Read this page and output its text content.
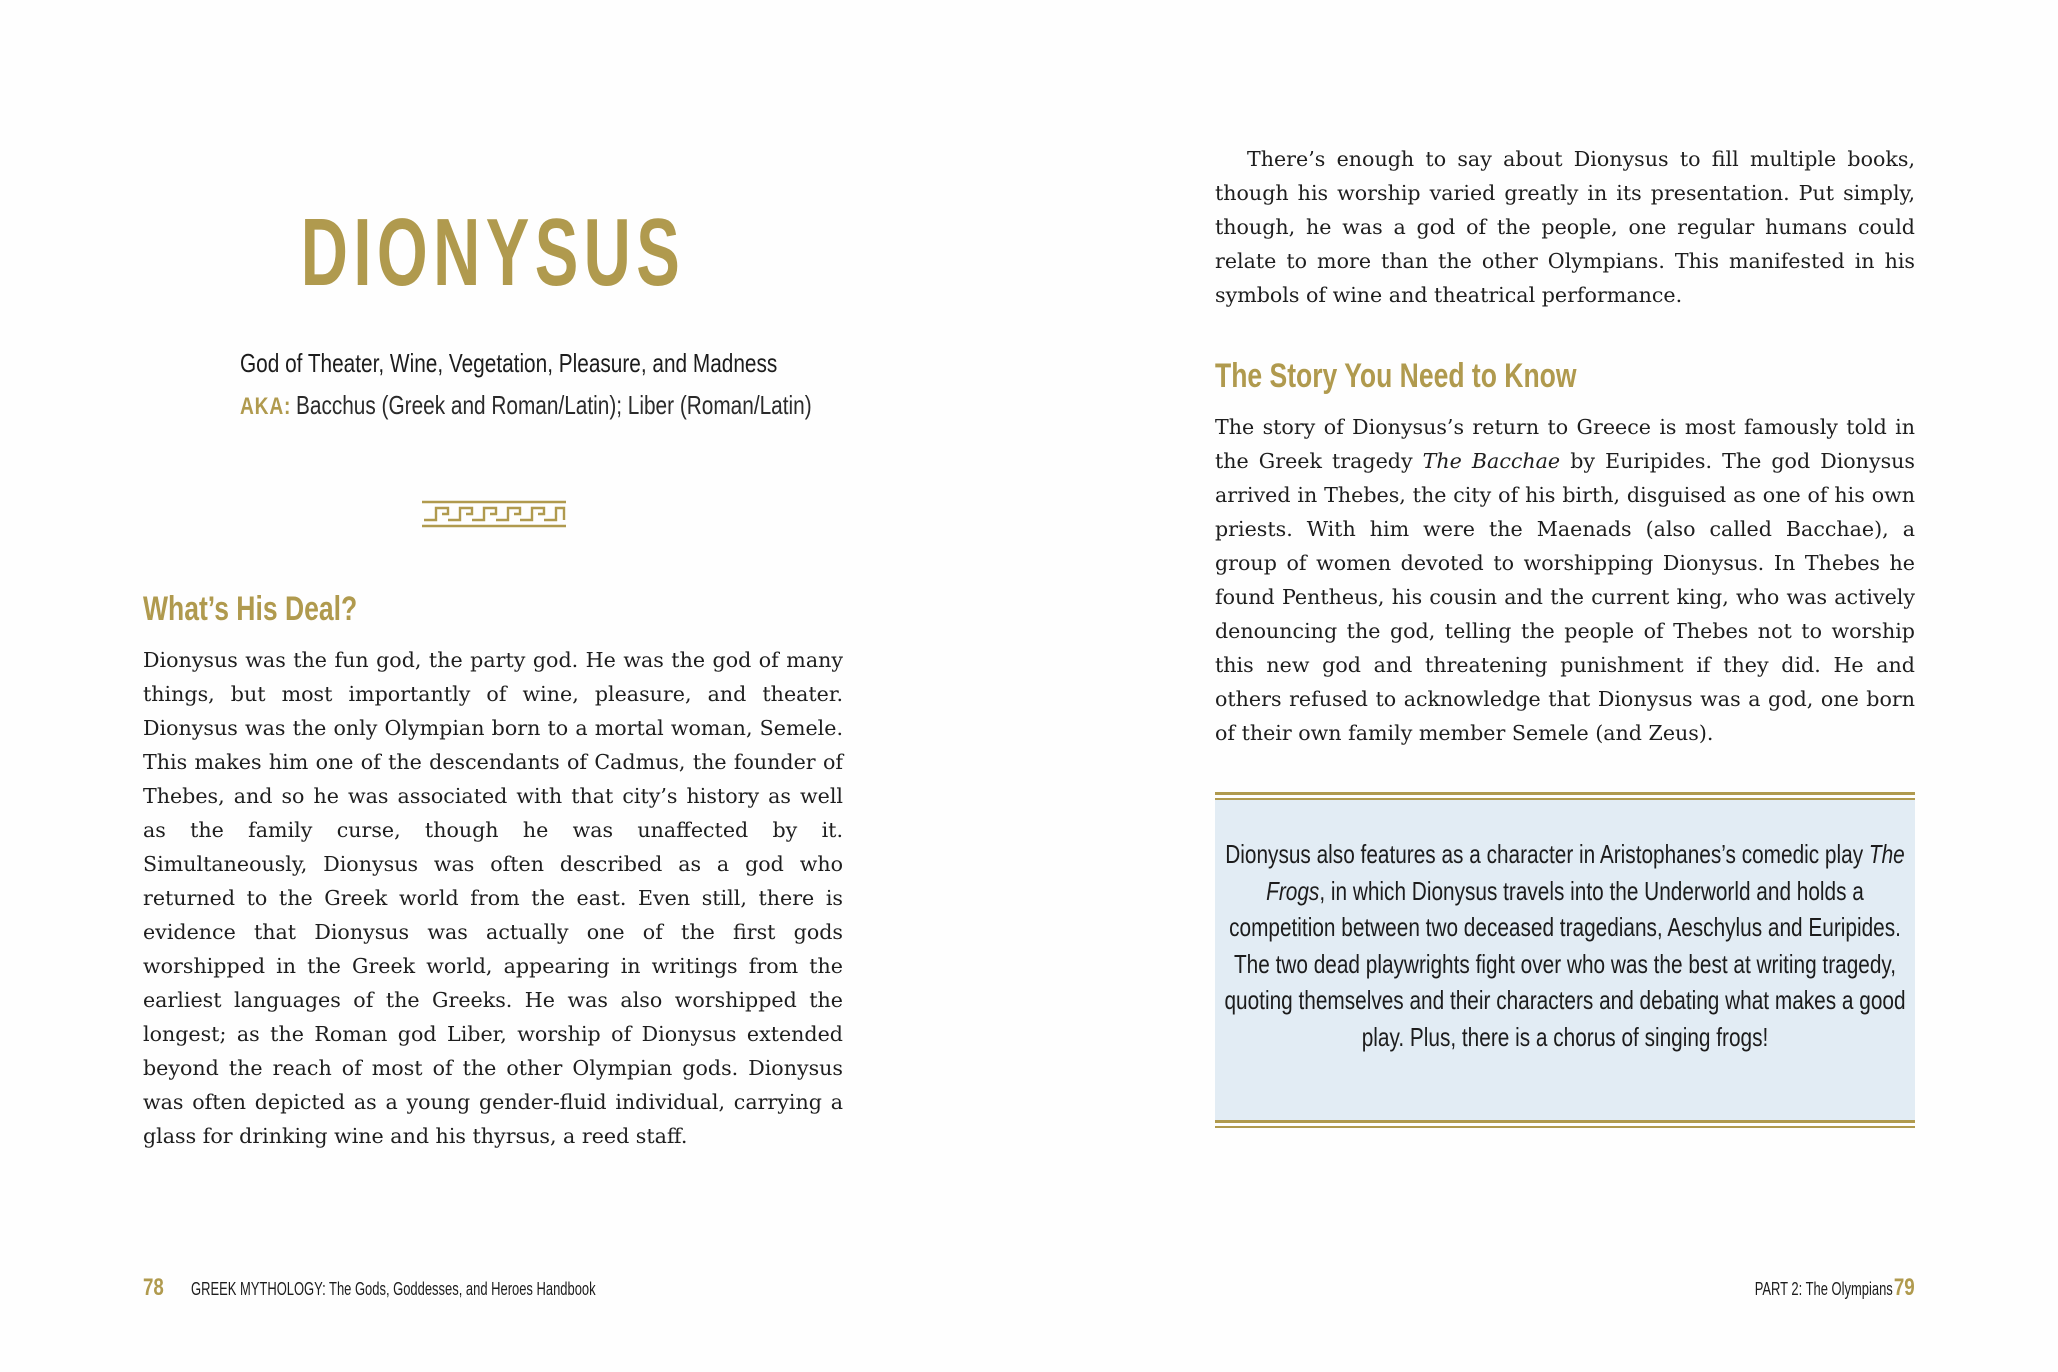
DIONYSUS
God of Theater, Wine, Vegetation, Pleasure, and Madness
AKA: Bacchus (Greek and Roman/Latin); Liber (Roman/Latin)
What’s His Deal?

Dionysus was the fun god, the party god. He was the god of many things, but most importantly of wine, pleasure, and theater. Dionysus was the only Olympian born to a mortal woman, Semele. This makes him one of the descendants of Cadmus, the founder of Thebes, and so he was associated with that city’s history as well as the family curse, though he was unaffected by it. Simultaneously, Dionysus was often described as a god who returned to the Greek world from the east. Even still, there is evidence that Dionysus was actually one of the first gods worshipped in the Greek world, appearing in writings from the earliest languages of the Greeks. He was also worshipped the longest; as the Roman god Liber, worship of Dionysus extended beyond the reach of most of the other Olympian gods. Dionysus was often depicted as a young gender-fluid individual, carrying a glass for drinking wine and his thyrsus, a reed staff.

78 GREEK MYTHOLOGY: The Gods, Goddesses, and Heroes Handbook

There’s enough to say about Dionysus to fill multiple books, though his worship varied greatly in its presentation. Put simply, though, he was a god of the people, one regular humans could relate to more than the other Olympians. This manifested in his symbols of wine and theatrical performance.

The Story You Need to Know

The story of Dionysus’s return to Greece is most famously told in the Greek tragedy The Bacchae by Euripides. The god Dionysus arrived in Thebes, the city of his birth, disguised as one of his own priests. With him were the Maenads (also called Bacchae), a group of women devoted to worshipping Dionysus. In Thebes he found Pentheus, his cousin and the current king, who was actively denouncing the god, telling the people of Thebes not to worship this new god and threatening punishment if they did. He and others refused to acknowledge that Dionysus was a god, one born of their own family member Semele (and Zeus).

Dionysus also features as a character in Aristophanes’s comedic play The Frogs, in which Dionysus travels into the Underworld and holds a competition between two deceased tragedians, Aeschylus and Euripides. The two dead playwrights fight over who was the best at writing tragedy, quoting themselves and their characters and debating what makes a good play. Plus, there is a chorus of singing frogs!
PART 2: The Olympians 79
